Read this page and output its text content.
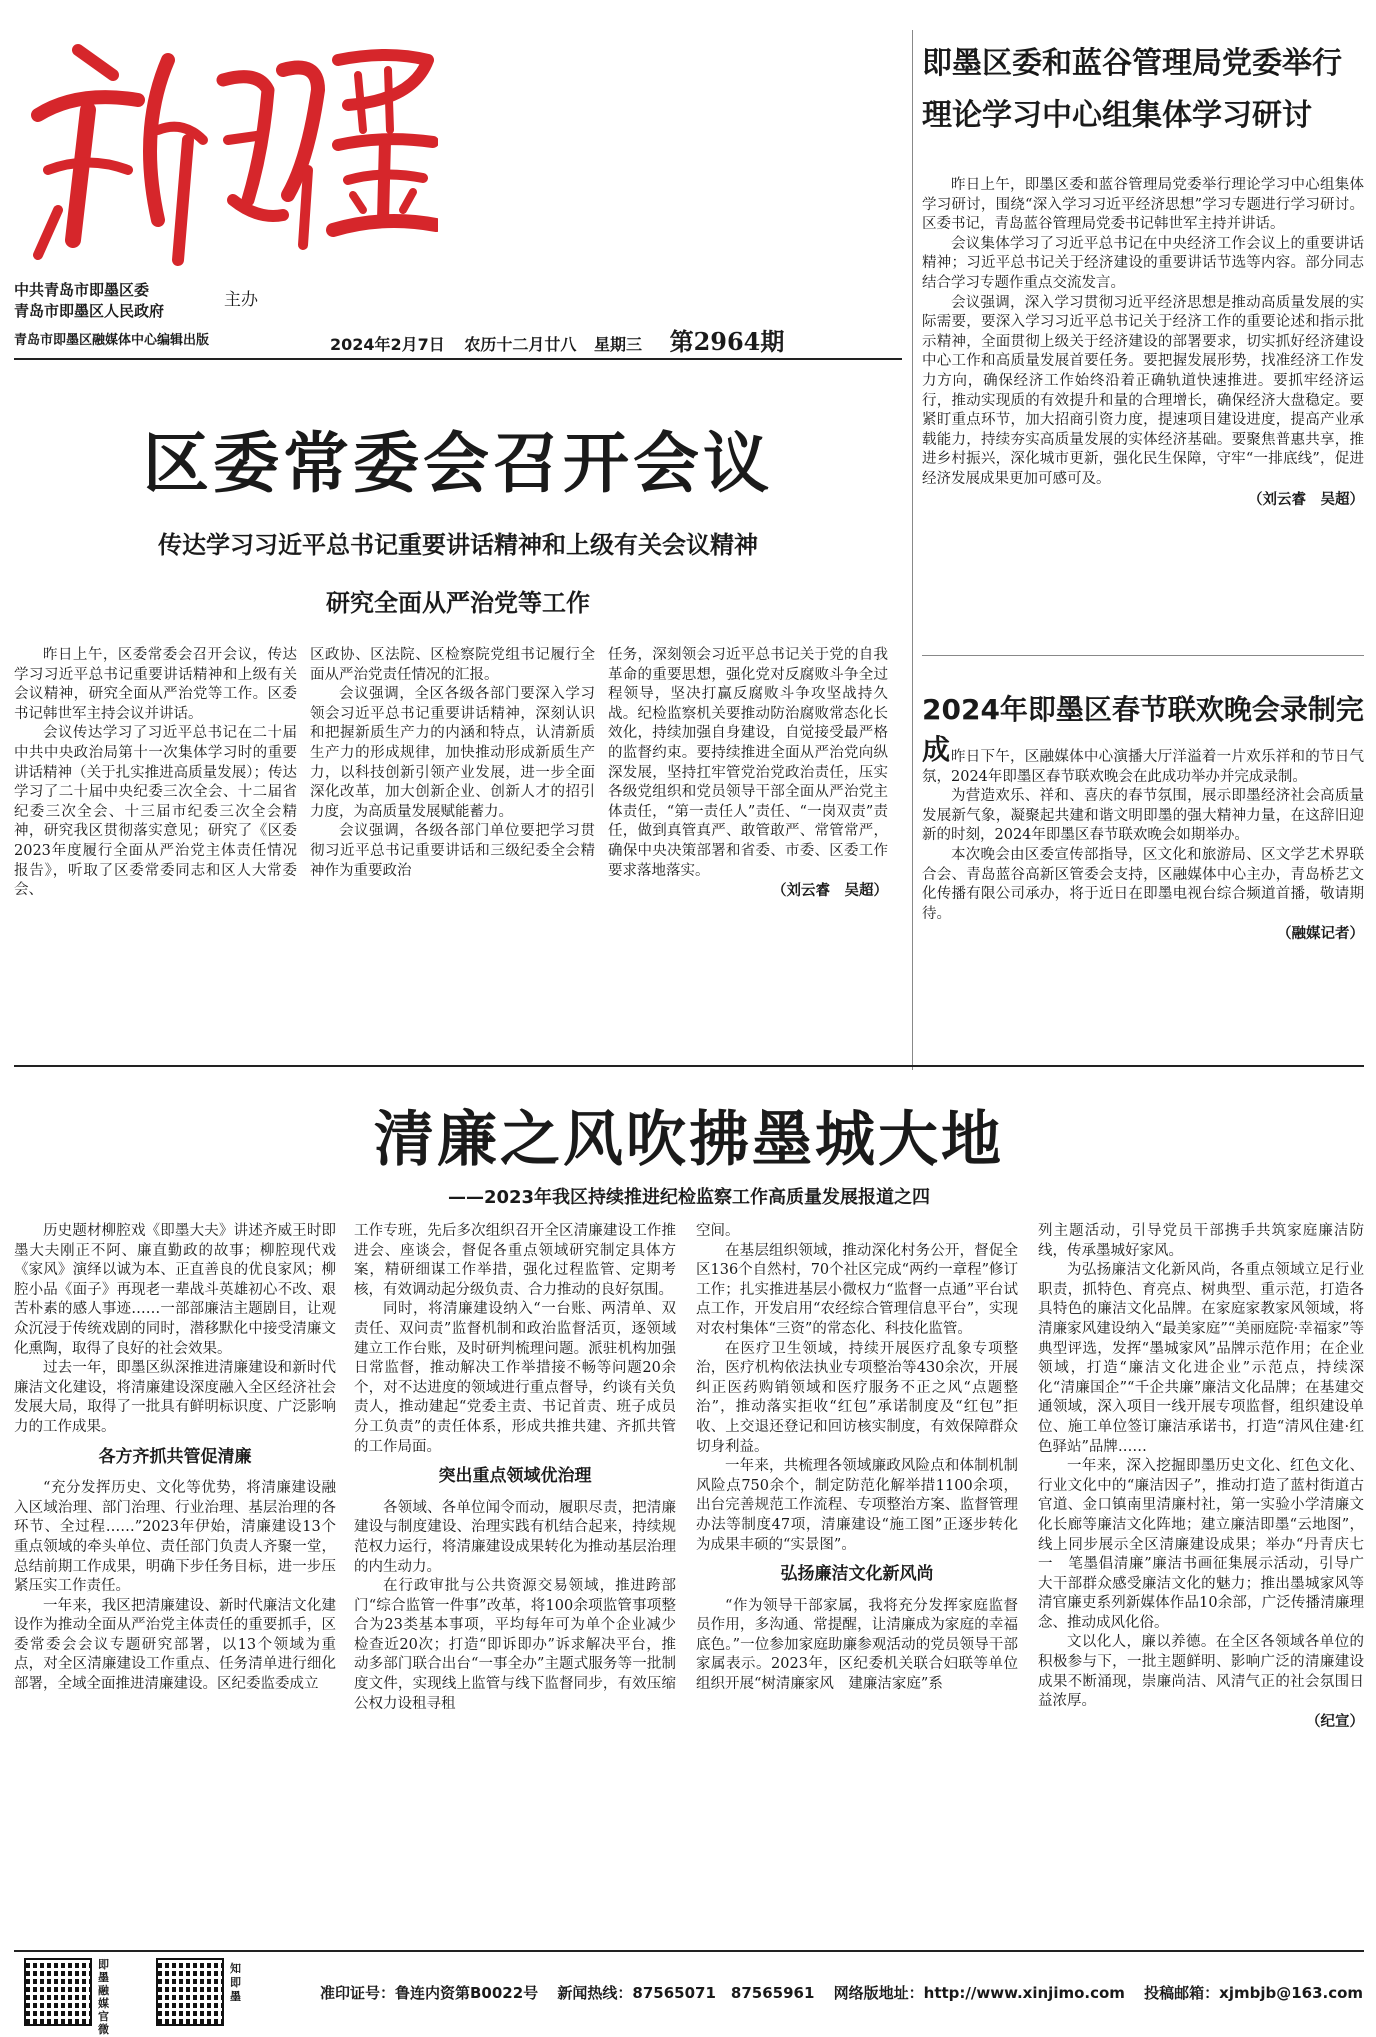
中共青岛市即墨区委
青岛市即墨区人民政府
主办
青岛市即墨区融媒体中心编辑出版	2024年2月7日 农历十二月廿八 星期三 第2964期
区委常委会召开会议
传达学习习近平总书记重要讲话精神和上级有关会议精神
研究全面从严治党等工作

昨日上午，区委常委会召开会议，传达学习习近平总书记重要讲话精神和上级有关会议精神，研究全面从严治党等工作。区委书记韩世军主持会议并讲话。

会议传达学习了习近平总书记在二十届中共中央政治局第十一次集体学习时的重要讲话精神（关于扎实推进高质量发展）；传达学习了二十届中央纪委三次全会、十二届省纪委三次全会、十三届市纪委三次全会精神，研究我区贯彻落实意见；研究了《区委2023年度履行全面从严治党主体责任情况报告》，听取了区委常委同志和区人大常委会、

区政协、区法院、区检察院党组书记履行全面从严治党责任情况的汇报。

会议强调，全区各级各部门要深入学习领会习近平总书记重要讲话精神，深刻认识和把握新质生产力的内涵和特点，认清新质生产力的形成规律，加快推动形成新质生产力，以科技创新引领产业发展，进一步全面深化改革，加大创新企业、创新人才的招引力度，为高质量发展赋能蓄力。

会议强调，各级各部门单位要把学习贯彻习近平总书记重要讲话和三级纪委全会精神作为重要政治

任务，深刻领会习近平总书记关于党的自我革命的重要思想，强化党对反腐败斗争全过程领导，坚决打赢反腐败斗争攻坚战持久战。纪检监察机关要推动防治腐败常态化长效化，持续加强自身建设，自觉接受最严格的监督约束。要持续推进全面从严治党向纵深发展，坚持扛牢管党治党政治责任，压实各级党组织和党员领导干部全面从严治党主体责任，“第一责任人”责任、“一岗双责”责任，做到真管真严、敢管敢严、常管常严，确保中央决策部署和省委、市委、区委工作要求落地落实。

（刘云睿　吴超）
即墨区委和蓝谷管理局党委举行
理论学习中心组集体学习研讨

昨日上午，即墨区委和蓝谷管理局党委举行理论学习中心组集体学习研讨，围绕“深入学习习近平经济思想”学习专题进行学习研讨。区委书记，青岛蓝谷管理局党委书记韩世军主持并讲话。

会议集体学习了习近平总书记在中央经济工作会议上的重要讲话精神；习近平总书记关于经济建设的重要讲话节选等内容。部分同志结合学习专题作重点交流发言。

会议强调，深入学习贯彻习近平经济思想是推动高质量发展的实际需要，要深入学习习近平总书记关于经济工作的重要论述和指示批示精神，全面贯彻上级关于经济建设的部署要求，切实抓好经济建设中心工作和高质量发展首要任务。要把握发展形势，找准经济工作发力方向，确保经济工作始终沿着正确轨道快速推进。要抓牢经济运行，推动实现质的有效提升和量的合理增长，确保经济大盘稳定。要紧盯重点环节，加大招商引资力度，提速项目建设进度，提高产业承载能力，持续夯实高质量发展的实体经济基础。要聚焦普惠共享，推进乡村振兴，深化城市更新，强化民生保障，守牢“一排底线”，促进经济发展成果更加可感可及。

（刘云睿　吴超）
2024年即墨区春节联欢晚会录制完成 昨日下午，区融媒体中心演播大厅洋溢着一片欢乐祥和的节日气氛，2024年即墨区春节联欢晚会在此成功举办并完成录制。

为营造欢乐、祥和、喜庆的春节氛围，展示即墨经济社会高质量发展新气象，凝聚起共建和谐文明即墨的强大精神力量，在这辞旧迎新的时刻，2024年即墨区春节联欢晚会如期举办。

本次晚会由区委宣传部指导，区文化和旅游局、区文学艺术界联合会、青岛蓝谷高新区管委会支持，区融媒体中心主办，青岛桥艺文化传播有限公司承办，将于近日在即墨电视台综合频道首播，敬请期待。

（融媒记者）
清廉之风吹拂墨城大地
——2023年我区持续推进纪检监察工作高质量发展报道之四

历史题材柳腔戏《即墨大夫》讲述齐威王时即墨大夫刚正不阿、廉直勤政的故事；柳腔现代戏《家风》演绎以诚为本、正直善良的优良家风；柳腔小品《面子》再现老一辈战斗英雄初心不改、艰苦朴素的感人事迹……一部部廉洁主题剧目，让观众沉浸于传统戏剧的同时，潜移默化中接受清廉文化熏陶，取得了良好的社会效果。

过去一年，即墨区纵深推进清廉建设和新时代廉洁文化建设，将清廉建设深度融入全区经济社会发展大局，取得了一批具有鲜明标识度、广泛影响力的工作成果。

各方齐抓共管促清廉

“充分发挥历史、文化等优势，将清廉建设融入区域治理、部门治理、行业治理、基层治理的各环节、全过程……”2023年伊始，清廉建设13个重点领域的牵头单位、责任部门负责人齐聚一堂，总结前期工作成果，明确下步任务目标，进一步压紧压实工作责任。

一年来，我区把清廉建设、新时代廉洁文化建设作为推动全面从严治党主体责任的重要抓手，区委常委会会议专题研究部署，以13个领域为重点，对全区清廉建设工作重点、任务清单进行细化部署，全域全面推进清廉建设。区纪委监委成立

工作专班，先后多次组织召开全区清廉建设工作推进会、座谈会，督促各重点领域研究制定具体方案，精研细谋工作举措，强化过程监管、定期考核，有效调动起分级负责、合力推动的良好氛围。

同时，将清廉建设纳入“一台账、两清单、双责任、双问责”监督机制和政治监督活页，逐领域建立工作台账，及时研判梳理问题。派驻机构加强日常监督，推动解决工作举措接不畅等问题20余个，对不达进度的领域进行重点督导，约谈有关负责人，推动建起“党委主责、书记首责、班子成员分工负责”的责任体系，形成共推共建、齐抓共管的工作局面。

突出重点领域优治理

各领域、各单位闻令而动，履职尽责，把清廉建设与制度建设、治理实践有机结合起来，持续规范权力运行，将清廉建设成果转化为推动基层治理的内生动力。

在行政审批与公共资源交易领域，推进跨部门“综合监管一件事”改革，将100余项监管事项整合为23类基本事项，平均每年可为单个企业减少检查近20次；打造“即诉即办”诉求解决平台，推动多部门联合出台“一事全办”主题式服务等一批制度文件，实现线上监管与线下监督同步，有效压缩公权力设租寻租

空间。

在基层组织领域，推动深化村务公开，督促全区136个自然村，70个社区完成“两约一章程”修订工作；扎实推进基层小微权力“监督一点通”平台试点工作，开发启用“农经综合管理信息平台”，实现对农村集体“三资”的常态化、科技化监管。

在医疗卫生领域，持续开展医疗乱象专项整治，医疗机构依法执业专项整治等430余次，开展纠正医药购销领域和医疗服务不正之风“点题整治”，推动落实拒收“红包”承诺制度及“红包”拒收、上交退还登记和回访核实制度，有效保障群众切身利益。

一年来，共梳理各领域廉政风险点和体制机制风险点750余个，制定防范化解举措1100余项，出台完善规范工作流程、专项整治方案、监督管理办法等制度47项，清廉建设“施工图”正逐步转化为成果丰硕的“实景图”。

弘扬廉洁文化新风尚

“作为领导干部家属，我将充分发挥家庭监督员作用，多沟通、常提醒，让清廉成为家庭的幸福底色。”一位参加家庭助廉参观活动的党员领导干部家属表示。2023年，区纪委机关联合妇联等单位组织开展“树清廉家风　建廉洁家庭”系

列主题活动，引导党员干部携手共筑家庭廉洁防线，传承墨城好家风。

为弘扬廉洁文化新风尚，各重点领域立足行业职责，抓特色、育亮点、树典型、重示范，打造各具特色的廉洁文化品牌。在家庭家教家风领域，将清廉家风建设纳入“最美家庭”“美丽庭院·幸福家”等典型评选，发挥“墨城家风”品牌示范作用；在企业领域，打造“廉洁文化进企业”示范点，持续深化“清廉国企”“千企共廉”廉洁文化品牌；在基建交通领域，深入项目一线开展专项监督，组织建设单位、施工单位签订廉洁承诺书，打造“清风住建·红色驿站”品牌……

一年来，深入挖掘即墨历史文化、红色文化、行业文化中的“廉洁因子”，推动打造了蓝村街道古官道、金口镇南里清廉村社，第一实验小学清廉文化长廊等廉洁文化阵地；建立廉洁即墨“云地图”，线上同步展示全区清廉建设成果；举办“丹青庆七一　笔墨倡清廉”廉洁书画征集展示活动，引导广大干部群众感受廉洁文化的魅力；推出墨城家风等清官廉吏系列新媒体作品10余部，广泛传播清廉理念、推动成风化俗。

文以化人，廉以养德。在全区各领域各单位的积极参与下，一批主题鲜明、影响广泛的清廉建设成果不断涌现，崇廉尚洁、风清气正的社会氛围日益浓厚。

（纪宣）
即墨融媒官微
知即墨	准印证号：鲁连内资第B0022号 新闻热线：87565071　87565961 网络版地址：http://www.xinjimo.com 投稿邮箱：xjmbjb@163.com
